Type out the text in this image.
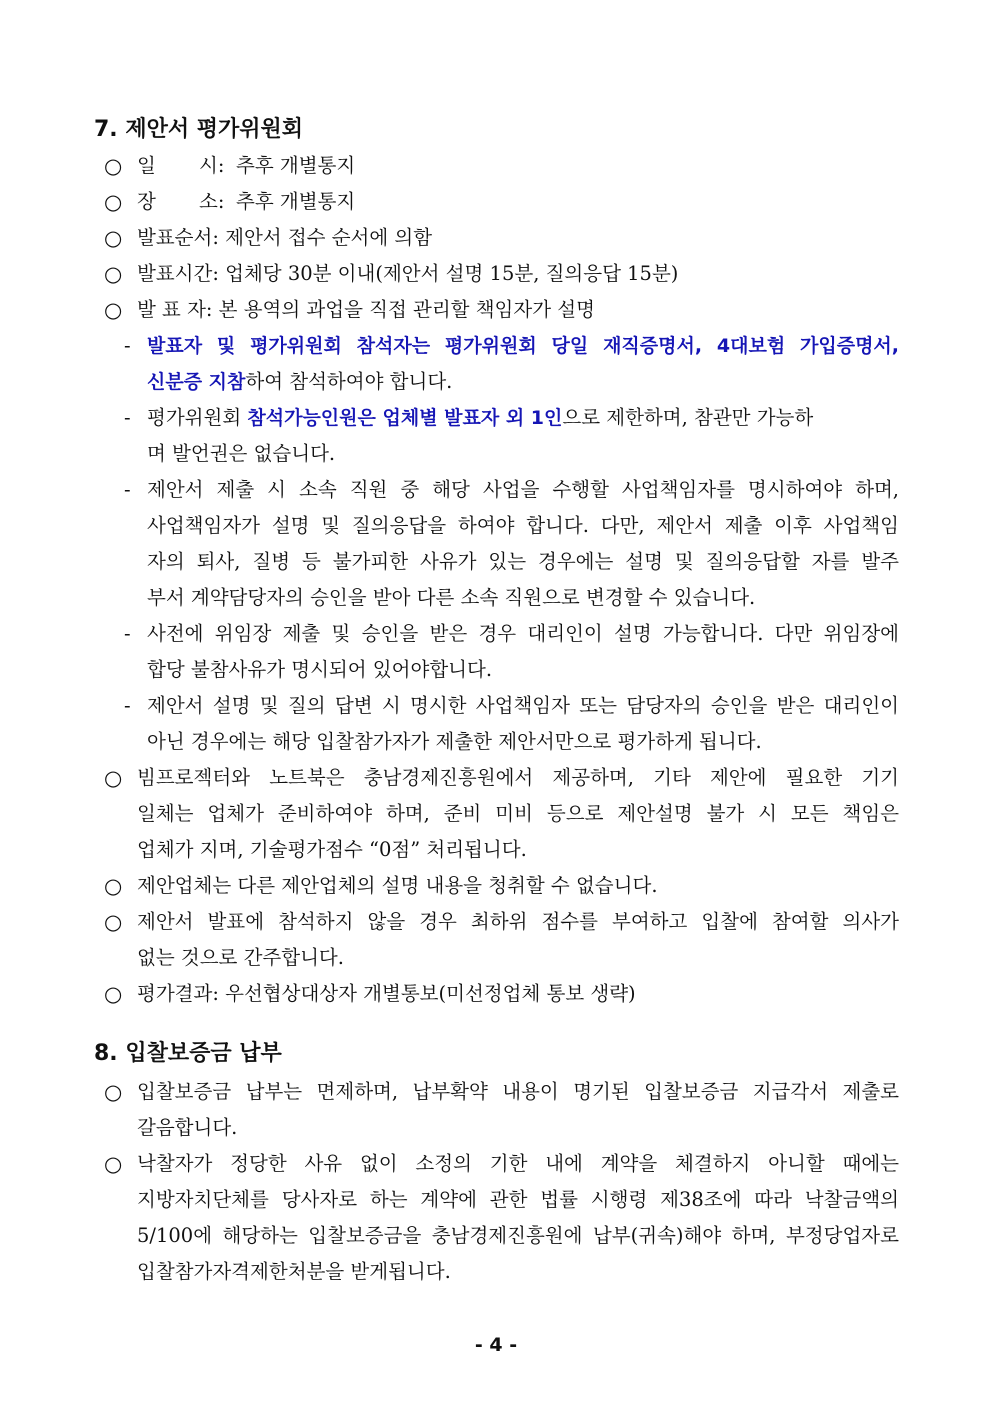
7. 제안서 평가위원회
○ 일 시: 추후 개별통지
○ 장 소: 추후 개별통지
○ 발표순서: 제안서 접수 순서에 의함
○ 발표시간: 업체당 30분 이내(제안서 설명 15분, 질의응답 15분)
○ 발 표 자: 본 용역의 과업을 직접 관리할 책임자가 설명
- 발표자 및 평가위원회 참석자는 평가위원회 당일 재직증명서, 4대보험 가입증명서,
신분증 지참하여 참석하여야 합니다.
- 평가위원회 참석가능인원은 업체별 발표자 외 1인으로 제한하며, 참관만 가능하
며 발언권은 없습니다.
- 제안서 제출 시 소속 직원 중 해당 사업을 수행할 사업책임자를 명시하여야 하며,
사업책임자가 설명 및 질의응답을 하여야 합니다. 다만, 제안서 제출 이후 사업책임
자의 퇴사, 질병 등 불가피한 사유가 있는 경우에는 설명 및 질의응답할 자를 발주
부서 계약담당자의 승인을 받아 다른 소속 직원으로 변경할 수 있습니다.
- 사전에 위임장 제출 및 승인을 받은 경우 대리인이 설명 가능합니다. 다만 위임장에
합당 불참사유가 명시되어 있어야합니다.
- 제안서 설명 및 질의 답변 시 명시한 사업책임자 또는 담당자의 승인을 받은 대리인이
아닌 경우에는 해당 입찰참가자가 제출한 제안서만으로 평가하게 됩니다.
○ 빔프로젝터와 노트북은 충남경제진흥원에서 제공하며, 기타 제안에 필요한 기기
일체는 업체가 준비하여야 하며, 준비 미비 등으로 제안설명 불가 시 모든 책임은
업체가 지며, 기술평가점수 “0점” 처리됩니다.
○ 제안업체는 다른 제안업체의 설명 내용을 청취할 수 없습니다.
○ 제안서 발표에 참석하지 않을 경우 최하위 점수를 부여하고 입찰에 참여할 의사가
없는 것으로 간주합니다.
○ 평가결과: 우선협상대상자 개별통보(미선정업체 통보 생략)
8. 입찰보증금 납부
○ 입찰보증금 납부는 면제하며, 납부확약 내용이 명기된 입찰보증금 지급각서 제출로
갈음합니다.
○ 낙찰자가 정당한 사유 없이 소정의 기한 내에 계약을 체결하지 아니할 때에는
지방자치단체를 당사자로 하는 계약에 관한 법률 시행령 제38조에 따라 낙찰금액의
5/100에 해당하는 입찰보증금을 충남경제진흥원에 납부(귀속)해야 하며, 부정당업자로
입찰참가자격제한처분을 받게됩니다.
- 4 -
